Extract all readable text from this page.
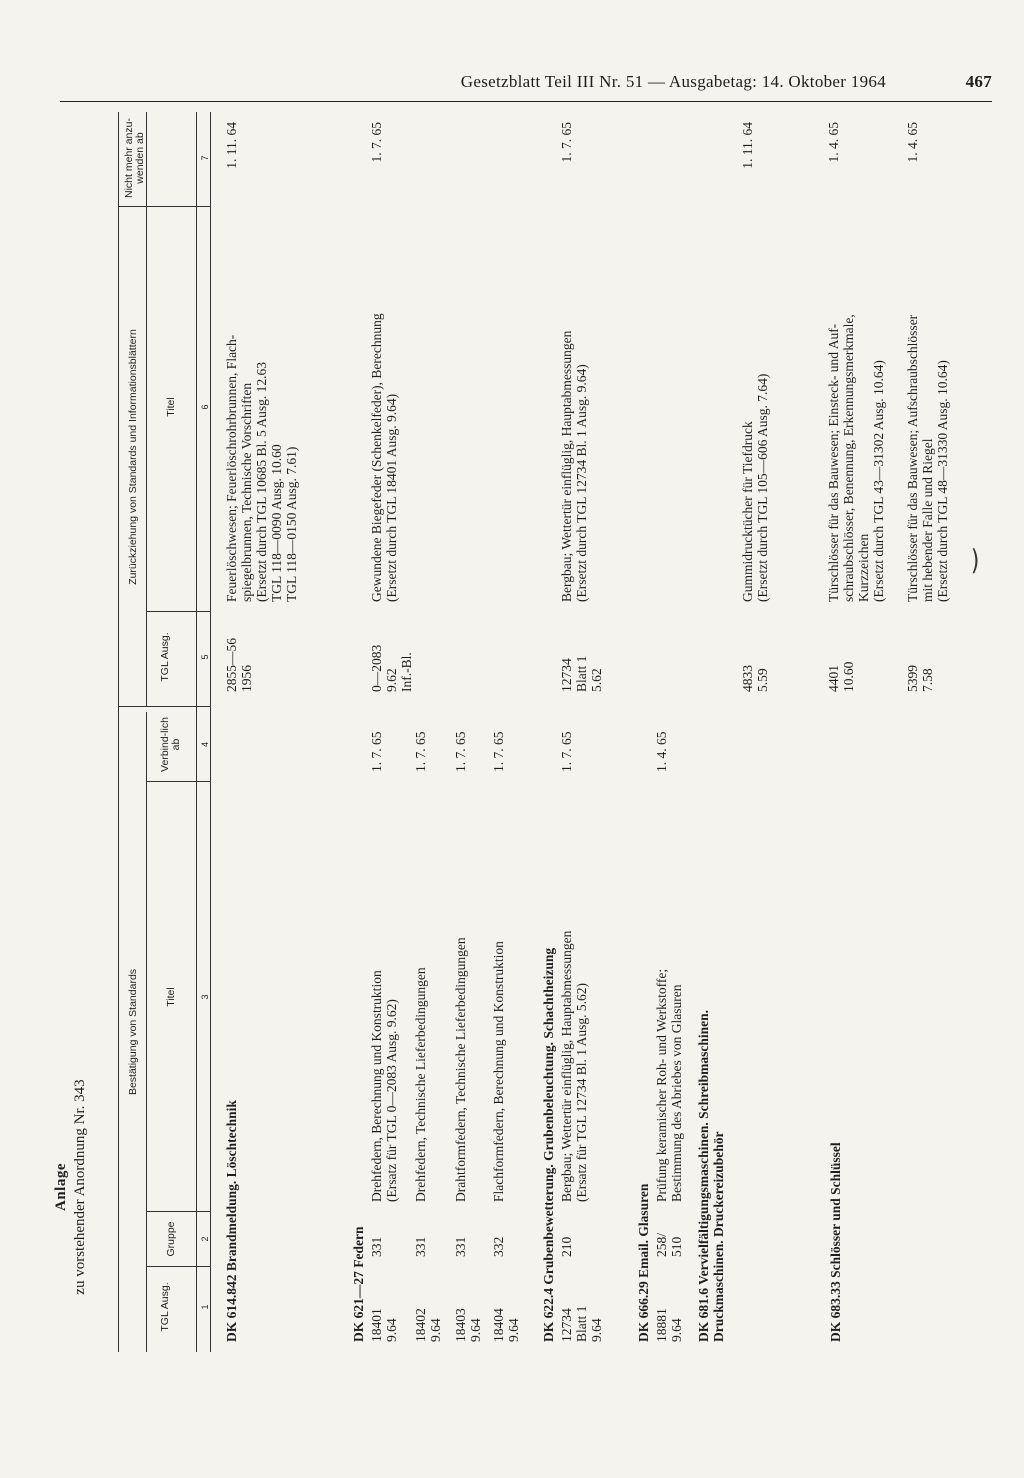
Gesetzblatt Teil III Nr. 51 — Ausgabetag: 14. Oktober 1964	467
Anlage zu vorstehender Anordnung Nr. 343
Bestätigung von Standards
Zurückziehung von Standards und Informationsblättern
TGL Ausg.
Gruppe
Titel
Verbind-lich ab
TGL Ausg.
Titel
Nicht mehr anzu-wenden ab
1
2
3
4
5
6
7
DK 614.842 Brandmeldung. Löschtechnik
2855—56
1956
Feuerlöschwesen; Feuerlöschrohrbrunnen, Flach-
spiegelbrunnen, Technische Vorschriften
(Ersetzt durch TGL 10685 Bl. 5 Ausg. 12.63
TGL 118—0090 Ausg. 10.60
TGL 118—0150 Ausg. 7.61)
1. 11. 64
DK 621—27 Federn 18401
9.64
331
Drehfedern, Berechnung und Konstruktion
(Ersatz für TGL 0—2083 Ausg. 9.62)
1. 7. 65
0—2083
9.62
Inf.-Bl.
Gewundene Biegefeder (Schenkelfeder), Berechnung
(Ersetzt durch TGL 18401 Ausg. 9.64)
1. 7. 65
18402
9.64
331
Drehfedern, Technische Lieferbedingungen
1. 7. 65
18403
9.64
331
Drahtformfedern, Technische Lieferbedingungen
1. 7. 65
18404
9.64
332
Flachformfedern, Berechnung und Konstruktion
1. 7. 65
DK 622.4 Grubenbewetterung. Grubenbeleuchtung. Schachtheizung 12734
Blatt 1
9.64
210
Bergbau; Wettertür einflüglig, Hauptabmessungen
(Ersatz für TGL 12734 Bl. 1 Ausg. 5.62)
1. 7. 65
12734
Blatt 1
5.62
Bergbau; Wettertür einflüglig, Hauptabmessungen
(Ersetzt durch TGL 12734 Bl. 1 Ausg. 9.64)
1. 7. 65
DK 666.29 Email. Glasuren 18881
9.64
258/
510
Prüfung keramischer Roh- und Werkstoffe;
Bestimmung des Abriebes von Glasuren
1. 4. 65
DK 681.6 Vervielfältigungsmaschinen. Schreibmaschinen.
Druckmaschinen. Druckereizubehör
4833
5.59
Gummidrucktücher für Tiefdruck
(Ersetzt durch TGL 105—606 Ausg. 7.64)
1. 11. 64
DK 683.33 Schlösser und Schlüssel
4401
10.60
Türschlösser für das Bauwesen; Einsteck- und Auf-
schraubschlösser, Benennung, Erkennungsmerkmale,
Kurzzeichen
(Ersetzt durch TGL 43—31302 Ausg. 10.64)
1. 4. 65
5399
7.58
Türschlösser für das Bauwesen; Aufschraubschlösser
mit hebender Falle und Riegel
(Ersetzt durch TGL 48—31330 Ausg. 10.64)
1. 4. 65
‿
